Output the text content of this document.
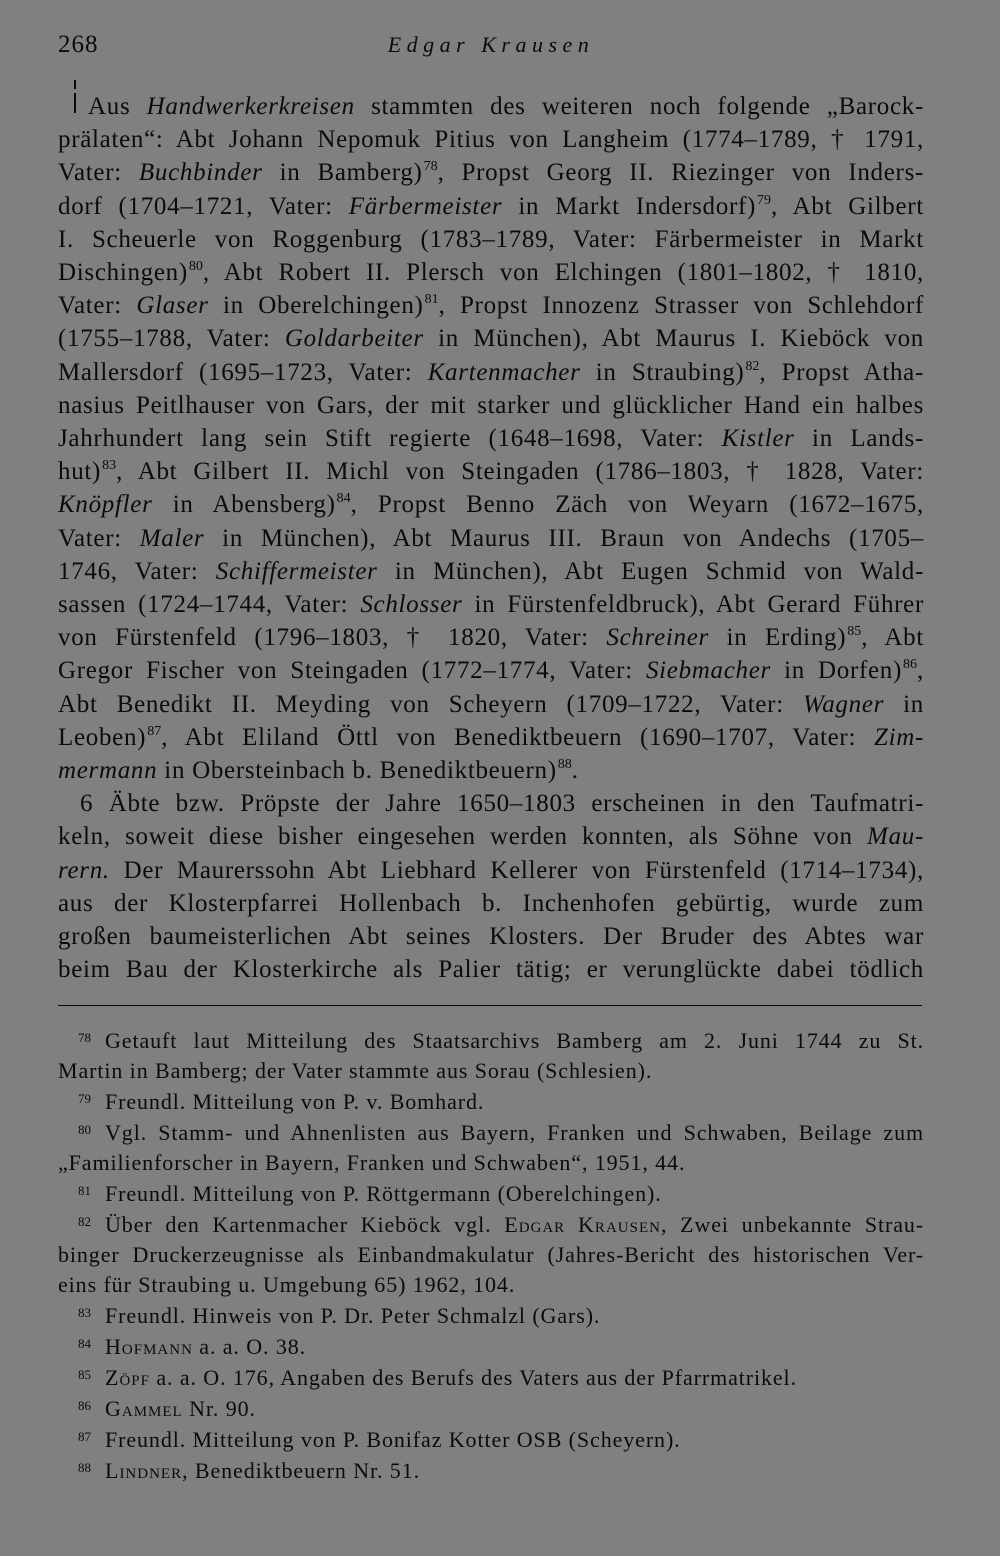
268	Edgar Krausen
Aus Handwerkerkreisen stammten des weiteren noch folgende „Barock-
prälaten“: Abt Johann Nepomuk Pitius von Langheim (1774–1789, † 1791,
Vater: Buchbinder in Bamberg)$^{78}$, Propst Georg II. Riezinger von Inders-
dorf (1704–1721, Vater: Färbermeister in Markt Indersdorf)$^{79}$, Abt Gilbert
I. Scheuerle von Roggenburg (1783–1789, Vater: Färbermeister in Markt
Dischingen)$^{80}$, Abt Robert II. Plersch von Elchingen (1801–1802, † 1810,
Vater: Glaser in Oberelchingen)$^{81}$, Propst Innozenz Strasser von Schlehdorf
(1755–1788, Vater: Goldarbeiter in München), Abt Maurus I. Kieböck von
Mallersdorf (1695–1723, Vater: Kartenmacher in Straubing)$^{82}$, Propst Atha-
nasius Peitlhauser von Gars, der mit starker und glücklicher Hand ein halbes
Jahrhundert lang sein Stift regierte (1648–1698, Vater: Kistler in Lands-
hut)$^{83}$, Abt Gilbert II. Michl von Steingaden (1786–1803, † 1828, Vater:
Knöpfler in Abensberg)$^{84}$, Propst Benno Zäch von Weyarn (1672–1675,
Vater: Maler in München), Abt Maurus III. Braun von Andechs (1705–
1746, Vater: Schiffermeister in München), Abt Eugen Schmid von Wald-
sassen (1724–1744, Vater: Schlosser in Fürstenfeldbruck), Abt Gerard Führer
von Fürstenfeld (1796–1803, † 1820, Vater: Schreiner in Erding)$^{85}$, Abt
Gregor Fischer von Steingaden (1772–1774, Vater: Siebmacher in Dorfen)$^{86}$,
Abt Benedikt II. Meyding von Scheyern (1709–1722, Vater: Wagner in
Leoben)$^{87}$, Abt Eliland Öttl von Benediktbeuern (1690–1707, Vater: Zim-
mermann in Obersteinbach b. Benediktbeuern)$^{88}$.
6 Äbte bzw. Pröpste der Jahre 1650–1803 erscheinen in den Taufmatri-
keln, soweit diese bisher eingesehen werden konnten, als Söhne von Mau-
rern. Der Maurerssohn Abt Liebhard Kellerer von Fürstenfeld (1714–1734),
aus der Klosterpfarrei Hollenbach b. Inchenhofen gebürtig, wurde zum
großen baumeisterlichen Abt seines Klosters. Der Bruder des Abtes war
beim Bau der Klosterkirche als Palier tätig; er verunglückte dabei tödlich
78 Getauft laut Mitteilung des Staatsarchivs Bamberg am 2. Juni 1744 zu St.
Martin in Bamberg; der Vater stammte aus Sorau (Schlesien).
79 Freundl. Mitteilung von P. v. Bomhard.
80 Vgl. Stamm- und Ahnenlisten aus Bayern, Franken und Schwaben, Beilage zum
„Familienforscher in Bayern, Franken und Schwaben“, 1951, 44.
81 Freundl. Mitteilung von P. Röttgermann (Oberelchingen).
82 Über den Kartenmacher Kieböck vgl. Edgar Krausen, Zwei unbekannte Strau-
binger Druckerzeugnisse als Einbandmakulatur (Jahres-Bericht des historischen Ver-
eins für Straubing u. Umgebung 65) 1962, 104.
83 Freundl. Hinweis von P. Dr. Peter Schmalzl (Gars).
84 Hofmann a. a. O. 38.
85 Zöpf a. a. O. 176, Angaben des Berufs des Vaters aus der Pfarrmatrikel.
86 Gammel Nr. 90.
87 Freundl. Mitteilung von P. Bonifaz Kotter OSB (Scheyern).
88 Lindner, Benediktbeuern Nr. 51.
